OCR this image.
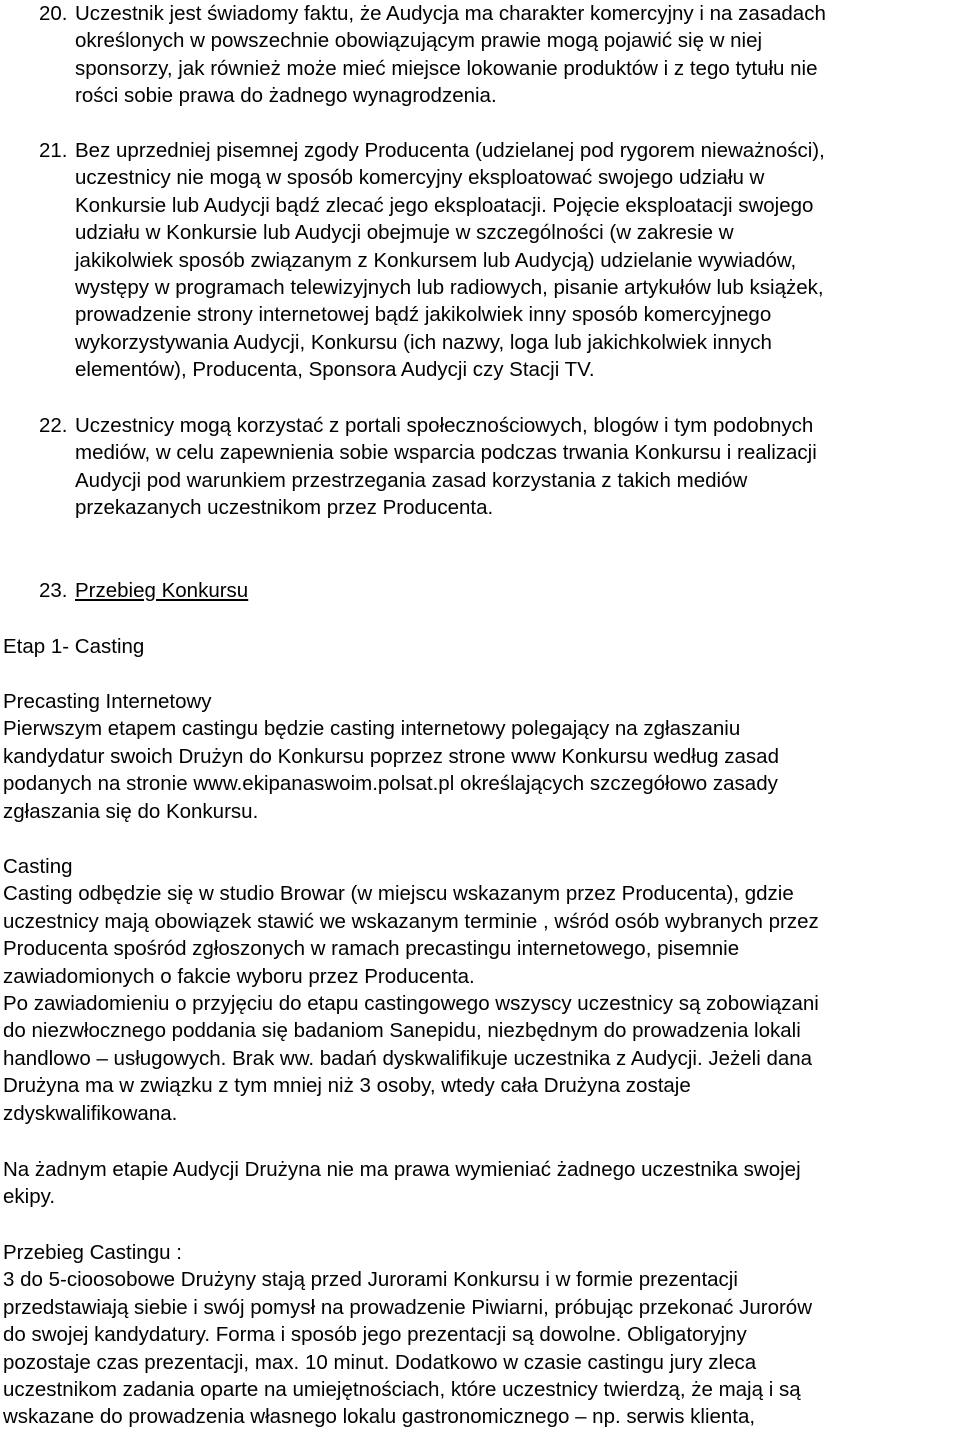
20. Uczestnik jest świadomy faktu, że Audycja ma charakter komercyjny i na zasadach
określonych w powszechnie obowiązującym prawie mogą pojawić się w niej
sponsorzy, jak również może mieć miejsce lokowanie produktów i z tego tytułu nie
rości sobie prawa do żadnego wynagrodzenia.
21. Bez uprzedniej pisemnej zgody Producenta (udzielanej pod rygorem nieważności),
uczestnicy nie mogą w sposób komercyjny eksploatować swojego udziału w
Konkursie lub Audycji bądź zlecać jego eksploatacji. Pojęcie eksploatacji swojego
udziału w Konkursie lub Audycji obejmuje w szczególności (w zakresie w
jakikolwiek sposób związanym z Konkursem lub Audycją) udzielanie wywiadów,
występy w programach telewizyjnych lub radiowych, pisanie artykułów lub książek,
prowadzenie strony internetowej bądź jakikolwiek inny sposób komercyjnego
wykorzystywania Audycji, Konkursu (ich nazwy, loga lub jakichkolwiek innych
elementów), Producenta, Sponsora Audycji czy Stacji TV.
22. Uczestnicy mogą korzystać z portali społecznościowych, blogów i tym podobnych
mediów, w celu zapewnienia sobie wsparcia podczas trwania Konkursu i realizacji
Audycji pod warunkiem przestrzegania zasad korzystania z takich mediów
przekazanych uczestnikom przez Producenta.
23. Przebieg Konkursu
Etap 1- Casting
Precasting Internetowy
Pierwszym etapem castingu będzie casting internetowy polegający na zgłaszaniu
kandydatur swoich Drużyn do Konkursu poprzez strone www Konkursu według zasad
podanych na stronie www.ekipanaswoim.polsat.pl określających szczegółowo zasady
zgłaszania się do Konkursu.
Casting
Casting odbędzie się w studio Browar (w miejscu wskazanym przez Producenta), gdzie
uczestnicy mają obowiązek stawić we wskazanym terminie , wśród osób wybranych przez
Producenta spośród zgłoszonych w ramach precastingu internetowego, pisemnie
zawiadomionych o fakcie wyboru przez Producenta.
Po zawiadomieniu o przyjęciu do etapu castingowego wszyscy uczestnicy są zobowiązani
do niezwłocznego poddania się badaniom Sanepidu, niezbędnym do prowadzenia lokali
handlowo – usługowych. Brak ww. badań dyskwalifikuje uczestnika z Audycji. Jeżeli dana
Drużyna ma w związku z tym mniej niż 3 osoby, wtedy cała Drużyna zostaje
zdyskwalifikowana.
Na żadnym etapie Audycji Drużyna nie ma prawa wymieniać żadnego uczestnika swojej
ekipy.
Przebieg Castingu :
3 do 5-cioosobowe Drużyny stają przed Jurorami Konkursu i w formie prezentacji
przedstawiają siebie i swój pomysł na prowadzenie Piwiarni, próbując przekonać Jurorów
do swojej kandydatury. Forma i sposób jego prezentacji są dowolne. Obligatoryjny
pozostaje czas prezentacji, max. 10 minut. Dodatkowo w czasie castingu jury zleca
uczestnikom zadania oparte na umiejętnościach, które uczestnicy twierdzą, że mają i są
wskazane do prowadzenia własnego lokalu gastronomicznego – np. serwis klienta,
